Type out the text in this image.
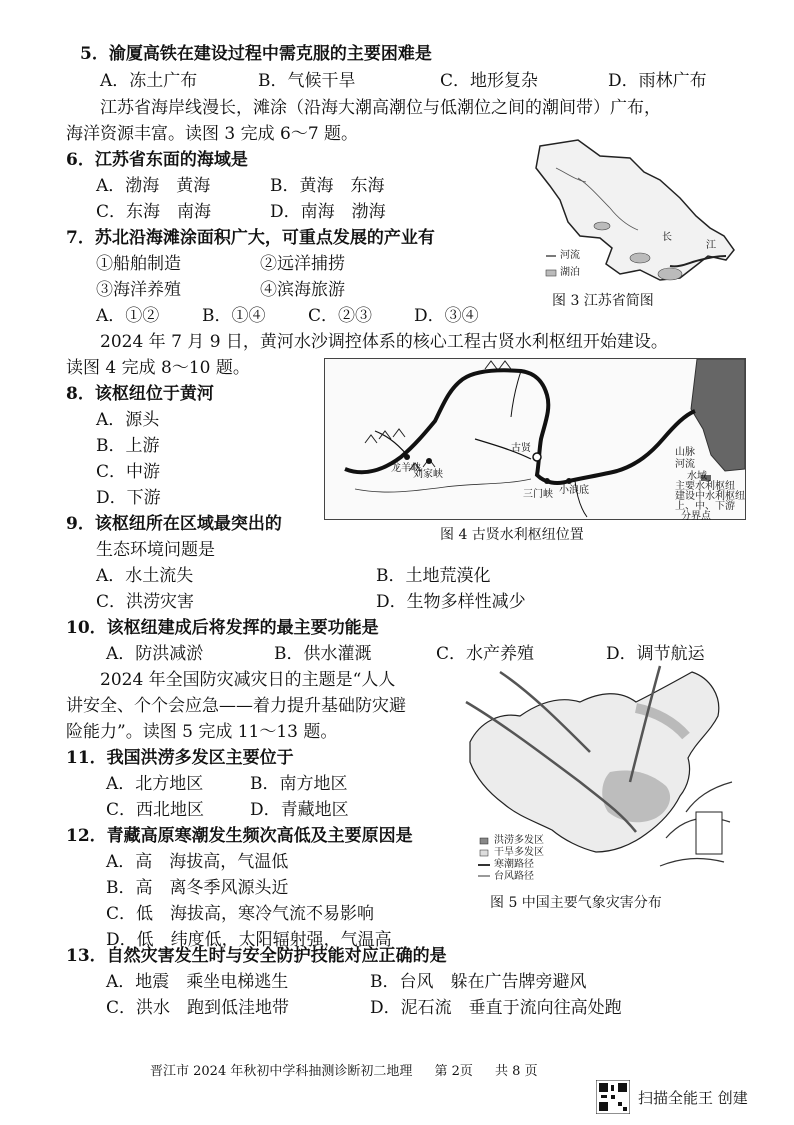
5．渝厦高铁在建设过程中需克服的主要困难是
A．冻土广布	B．气候干旱	C．地形复杂	D．雨林广布
江苏省海岸线漫长，滩涂（沿海大潮高潮位与低潮位之间的潮间带）广布，
海洋资源丰富。读图 3 完成 6～7 题。
6．江苏省东面的海域是
A．渤海　黄海	B．黄海　东海
C．东海　南海	D．南海　渤海
7．苏北沿海滩涂面积广大，可重点发展的产业有
①船舶制造	②远洋捕捞
③海洋养殖	④滨海旅游
A．①②	B．①④	C．②③ D．③④
河流
湖泊
长
江
图 3 江苏省简图
2024 年 7 月 9 日，黄河水沙调控体系的核心工程古贤水利枢纽开始建设。
读图 4 完成 8～10 题。
8．该枢纽位于黄河
A．源头
B．上游
C．中游
D．下游
龙羊峡
刘家峡
古贤
三门峡 小浪底
山脉
河流
水域
主要水利枢纽
建设中水利枢纽
上、中、下游
分界点
图 4 古贤水利枢纽位置
9．该枢纽所在区域最突出的
生态环境问题是
A．水土流失	B．土地荒漠化
C．洪涝灾害	D．生物多样性减少
10．该枢纽建成后将发挥的最主要功能是
A．防洪减淤	B．供水灌溉	C．水产养殖	D．调节航运
2024 年全国防灾减灾日的主题是“人人
讲安全、个个会应急——着力提升基础防灾避
险能力”。读图 5 完成 11～13 题。
11．我国洪涝多发区主要位于
A．北方地区	B．南方地区
C．西北地区	D．青藏地区
12．青藏高原寒潮发生频次高低及主要原因是
A．高　海拔高，气温低
B．高　离冬季风源头近
C．低　海拔高，寒冷气流不易影响
D．低　纬度低，太阳辐射强，气温高
洪涝多发区
干旱多发区
寒潮路径
台风路径
图 5 中国主要气象灾害分布
13．自然灾害发生时与安全防护技能对应正确的是
A．地震　乘坐电梯逃生	B．台风　躲在广告牌旁避风
C．洪水　跑到低洼地带	D．泥石流　垂直于流向往高处跑
晋江市 2024 年秋初中学科抽测诊断初二地理 第 2页 共 8 页
扫描全能王 创建
